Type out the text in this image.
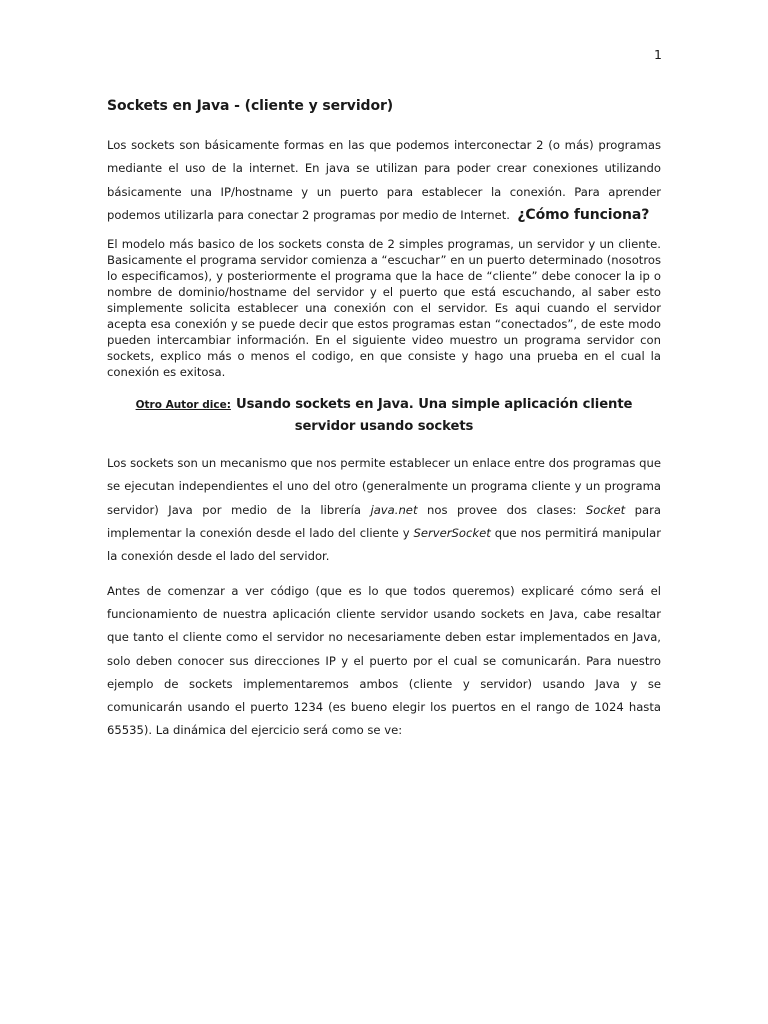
1
Sockets en Java - (cliente y servidor)

Los sockets son básicamente formas en las que podemos interconectar 2 (o más) programas mediante el uso de la internet. En java se utilizan para poder crear conexiones utilizando básicamente una IP/hostname y un puerto para establecer la conexión. Para aprender podemos utilizarla para conectar 2 programas por medio de Internet. ¿Cómo funciona?

El modelo más basico de los sockets consta de 2 simples programas, un servidor y un cliente. Basicamente el programa servidor comienza a “escuchar” en un puerto determinado (nosotros lo especificamos), y posteriormente el programa que la hace de “cliente” debe conocer la ip o nombre de dominio/hostname del servidor y el puerto que está escuchando, al saber esto simplemente solicita establecer una conexión con el servidor. Es aqui cuando el servidor acepta esa conexión y se puede decir que estos programas estan “conectados”, de este modo pueden intercambiar información. En el siguiente video muestro un programa servidor con sockets, explico más o menos el codigo, en que consiste y hago una prueba en el cual la conexión es exitosa.

Otro Autor dice: Usando sockets en Java. Una simple aplicación cliente servidor usando sockets

Los sockets son un mecanismo que nos permite establecer un enlace entre dos programas que se ejecutan independientes el uno del otro (generalmente un programa cliente y un programa servidor) Java por medio de la librería java.net nos provee dos clases: Socket para implementar la conexión desde el lado del cliente y ServerSocket que nos permitirá manipular la conexión desde el lado del servidor.

Antes de comenzar a ver código (que es lo que todos queremos) explicaré cómo será el funcionamiento de nuestra aplicación cliente servidor usando sockets en Java, cabe resaltar que tanto el cliente como el servidor no necesariamente deben estar implementados en Java, solo deben conocer sus direcciones IP y el puerto por el cual se comunicarán. Para nuestro ejemplo de sockets implementaremos ambos (cliente y servidor) usando Java y se comunicarán usando el puerto 1234 (es bueno elegir los puertos en el rango de 1024 hasta 65535). La dinámica del ejercicio será como se ve:
